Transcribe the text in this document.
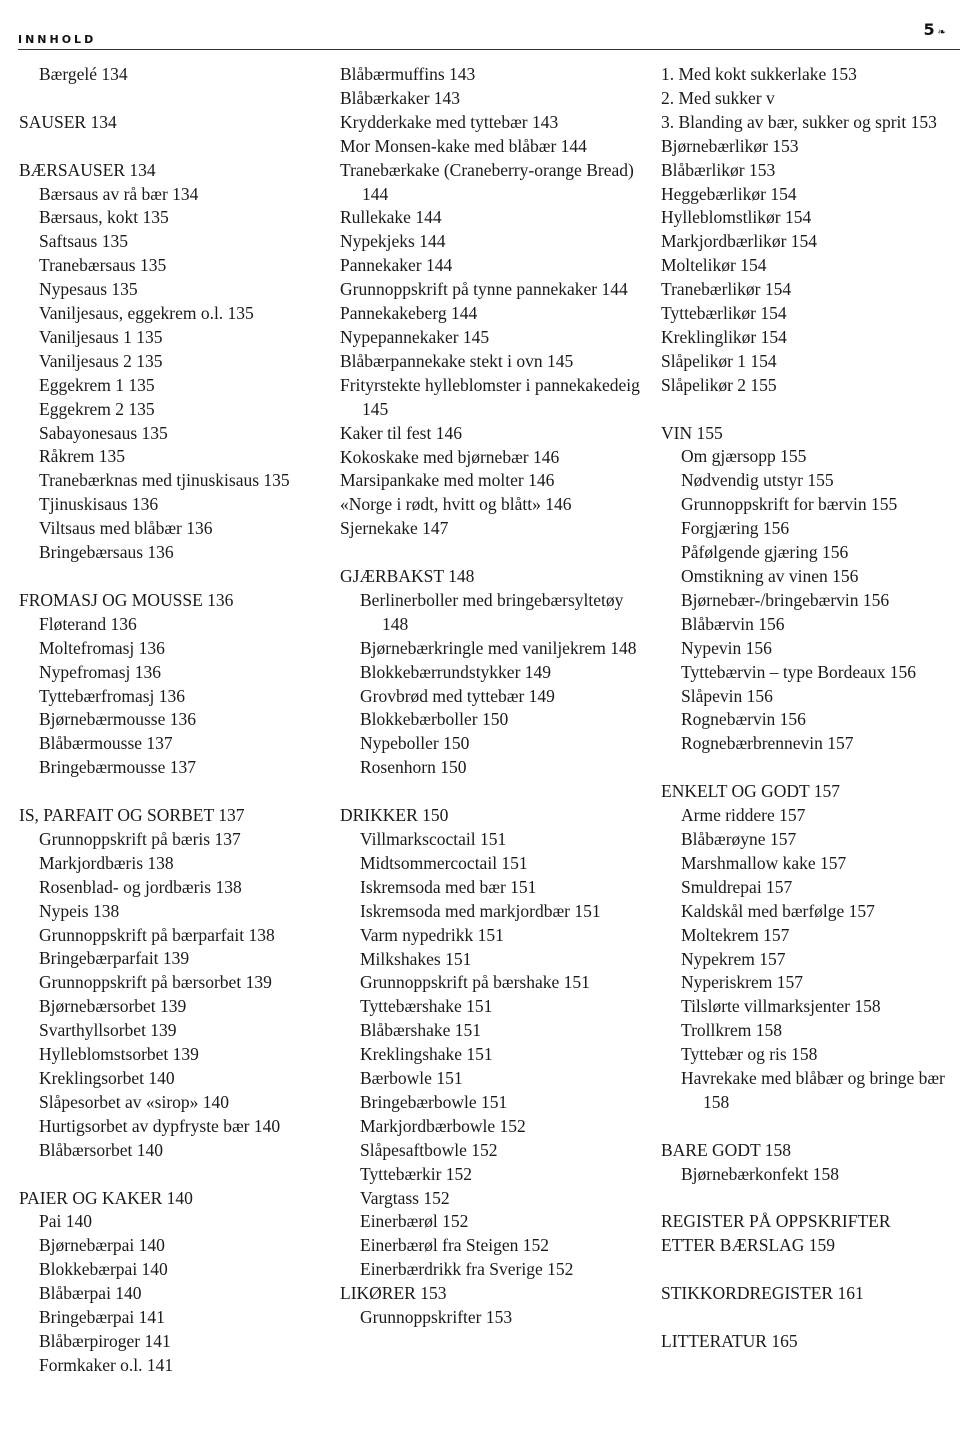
INNHOLD
5 ❧
Bærgelé 134
SAUSER 134
BÆRSAUSER 134
Bærsaus av rå bær 134
Bærsaus, kokt 135
Saftsaus 135
Tranebærsaus 135
Nypesaus 135
Vaniljesaus, eggekrem o.l. 135
Vaniljesaus 1 135
Vaniljesaus 2 135
Eggekrem 1 135
Eggekrem 2 135
Sabayonesaus 135
Råkrem 135
Tranebærknas med tjinuskisaus 135
Tjinuskisaus 136
Viltsaus med blåbær 136
Bringebærsaus 136
FROMASJ OG MOUSSE 136
Fløterand 136
Moltefromasj 136
Nypefromasj 136
Tyttebærfromasj 136
Bjørnebærmousse 136
Blåbærmousse 137
Bringebærmousse 137
IS, PARFAIT OG SORBET 137
Grunnoppskrift på bæris 137
Markjordbæris 138
Rosenblad- og jordbæris 138
Nypeis 138
Grunnoppskrift på bærparfait 138
Bringebærparfait 139
Grunnoppskrift på bærsorbet 139
Bjørnebærsorbet 139
Svarthyllsorbet 139
Hylleblomstsorbet 139
Kreklingsorbet 140
Slåpesorbet av «sirop» 140
Hurtigsorbet av dypfryste bær 140
Blåbærsorbet 140
PAIER OG KAKER 140
Pai 140
Bjørnebærpai 140
Blokkebærpai 140
Blåbærpai 140
Bringebærpai 141
Blåbærpiroger 141
Formkaker o.l. 141
Blåbærmuffins 143
Blåbærkaker 143
Krydderkake med tyttebær 143
Mor Monsen-kake med blåbær 144
Tranebærkake (Craneberry-orange Bread) 144
Rullekake 144
Nypekjeks 144
Pannekaker 144
Grunnoppskrift på tynne pannekaker 144
Pannekakeberg 144
Nypepannekaker 145
Blåbærpannekake stekt i ovn 145
Frityrstekte hylleblomster i pannekakedeig 145
Kaker til fest 146
Kokoskake med bjørnebær 146
Marsipankake med molter 146
«Norge i rødt, hvitt og blått» 146
Sjernekake 147
GJÆRBAKST 148
Berlinerboller med bringebærsyltetøy 148
Bjørnebærkringle med vaniljekrem 148
Blokkebærrundstykker 149
Grovbrød med tyttebær 149
Blokkebærboller 150
Nypeboller 150
Rosenhorn 150
DRIKKER 150
Villmarkscoctail 151
Midtsommercoctail 151
Iskremsoda med bær 151
Iskremsoda med markjordbær 151
Varm nypedrikk 151
Milkshakes 151
Grunnoppskrift på bærshake 151
Tyttebærshake 151
Blåbærshake 151
Kreklingshake 151
Bærbowle 151
Bringebærbowle 151
Markjordbærbowle 152
Slåpesaftbowle 152
Tyttebærkir 152
Vargtass 152
Einerbærøl 152
Einerbærøl fra Steigen 152
Einerbærdrikk fra Sverige 152
LIKØRER 153
Grunnoppskrifter 153
1. Med kokt sukkerlake 153
2. Med sukker v
3. Blanding av bær, sukker og sprit 153
Bjørnebærlikør 153
Blåbærlikør 153
Heggebærlikør 154
Hylleblomstlikør 154
Markjordbærlikør 154
Moltelikør 154
Tranebærlikør 154
Tyttebærlikør 154
Kreklinglikør 154
Slåpelikør 1 154
Slåpelikør 2 155
VIN 155
Om gjærsopp 155
Nødvendig utstyr 155
Grunnoppskrift for bærvin 155
Forgjæring 156
Påfølgende gjæring 156
Omstikning av vinen 156
Bjørnebær-/bringebærvin 156
Blåbærvin 156
Nypevin 156
Tyttebærvin – type Bordeaux 156
Slåpevin 156
Rognebærvin 156
Rognebærbrennevin 157
ENKELT OG GODT 157
Arme riddere 157
Blåbærøyne 157
Marshmallow kake 157
Smuldrepai 157
Kaldskål med bærfølge 157
Moltekrem 157
Nypekrem 157
Nyperiskrem 157
Tilslørte villmarksjenter 158
Trollkrem 158
Tyttebær og ris 158
Havrekake med blåbær og bringe bær 158
BARE GODT 158
Bjørnebærkonfekt 158
REGISTER PÅ OPPSKRIFTER ETTER BÆRSLAG 159
STIKKORDREGISTER 161
LITTERATUR 165
